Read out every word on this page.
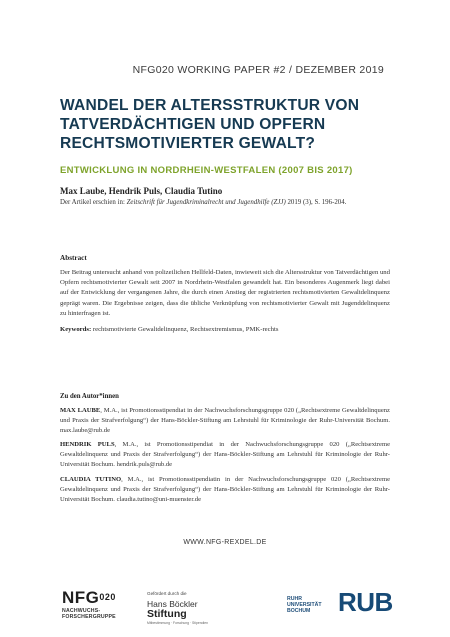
NFG020 WORKING PAPER #2 / DEZEMBER 2019
WANDEL DER ALTERSSTRUKTUR VON TATVERDÄCHTIGEN UND OPFERN RECHTSMOTIVIERTER GEWALT?
ENTWICKLUNG IN NORDRHEIN-WESTFALEN (2007 BIS 2017)
Max Laube, Hendrik Puls, Claudia Tutino
Der Artikel erschien in: Zeitschrift für Jugendkriminalrecht und Jugendhilfe (ZJJ) 2019 (3), S. 196-204.
Abstract
Der Beitrag untersucht anhand von polizeilichen Hellfeld-Daten, inwieweit sich die Altersstruktur von Tatverdächtigen und Opfern rechtsmotivierter Gewalt seit 2007 in Nordrhein-Westfalen gewandelt hat. Ein besonderes Augenmerk liegt dabei auf der Entwicklung der vergangenen Jahre, die durch einen Anstieg der registrierten rechtsmotivierten Gewaltdelinquenz geprägt waren. Die Ergebnisse zeigen, dass die übliche Verknüpfung von rechtsmotivierter Gewalt mit Jugenddelinquenz zu hinterfragen ist.
Keywords: rechtsmotivierte Gewaltdelinquenz, Rechtsextremismus, PMK-rechts
Zu den Autor*innen
MAX LAUBE, M.A., ist Promotionsstipendiat in der Nachwuchsforschungsgruppe 020 („Rechtsextreme Gewaltdelinquenz und Praxis der Strafverfolgung“) der Hans-Böckler-Stiftung am Lehrstuhl für Kriminologie der Ruhr-Universität Bochum. max.laube@rub.de
HENDRIK PULS, M.A., ist Promotionsstipendiat in der Nachwuchsforschungsgruppe 020 („Rechtsextreme Gewaltdelinquenz und Praxis der Strafverfolgung“) der Hans-Böckler-Stiftung am Lehrstuhl für Kriminologie der Ruhr-Universität Bochum. hendrik.puls@rub.de
CLAUDIA TUTINO, M.A., ist Promotionsstipendiatin in der Nachwuchsforschungsgruppe 020 („Rechtsextreme Gewaltdelinquenz und Praxis der Strafverfolgung“) der Hans-Böckler-Stiftung am Lehrstuhl für Kriminologie der Ruhr-Universität Bochum. claudia.tutino@uni-muenster.de
WWW.NFG-REXDEL.DE
NFG$^{020}$
NACHWUCHS-
FORSCHERGRUPPE
Gefördert durch die
Hans Böckler
Stiftung
Mitbestimmung · Forschung · Stipendien
RUHR
UNIVERSITÄT
BOCHUM	RUB
